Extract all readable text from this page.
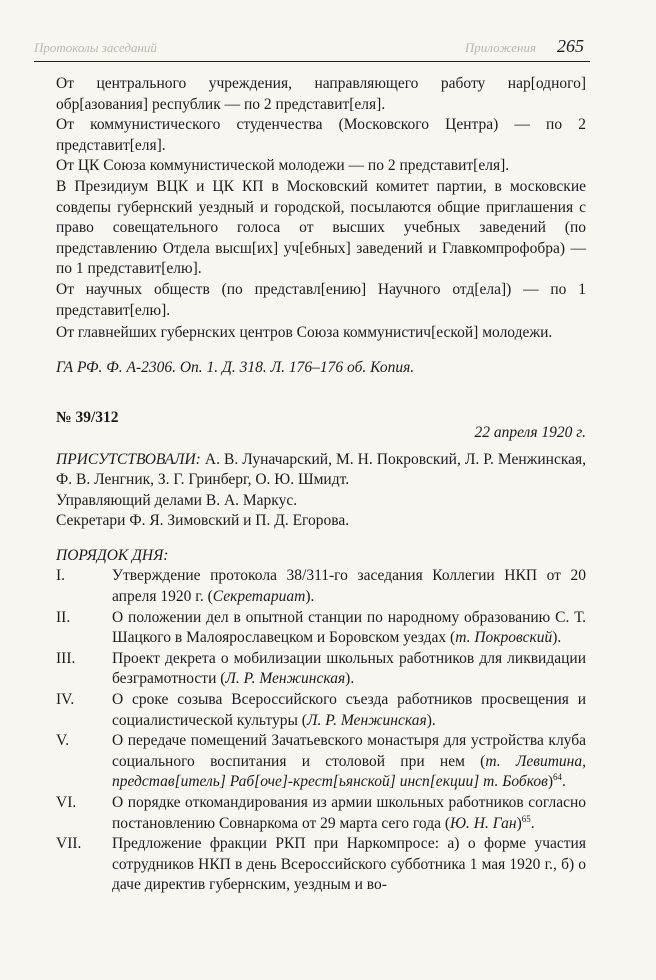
Протоколы заседаний	Приложения 265

От центрального учреждения, направляющего работу нар[одного] обр[азования] республик — по 2 представит[еля].

От коммунистического студенчества (Московского Центра) — по 2 представит[еля].

От ЦК Союза коммунистической молодежи — по 2 представит[еля].

В Президиум ВЦК и ЦК КП в Московский комитет партии, в московские совдепы губернский уездный и городской, посылаются общие приглашения с право совещательного голоса от высших учебных заведений (по представлению Отдела высш[их] уч[ебных] заведений и Главкомпрофобра) — по 1 представит[елю].

От научных обществ (по представл[ению] Научного отд[ела]) — по 1 представит[елю].

От главнейших губернских центров Союза коммунистич[еской] молодежи.

ГА РФ. Ф. А-2306. Оп. 1. Д. 318. Л. 176–176 об. Копия.

№ 39/312

22 апреля 1920 г.

ПРИСУТСТВОВАЛИ: А. В. Луначарский, М. Н. Покровский, Л. Р. Менжинская, Ф. В. Ленгник, З. Г. Гринберг, О. Ю. Шмидт.

Управляющий делами В. А. Маркус.

Секретари Ф. Я. Зимовский и П. Д. Егорова.

ПОРЯДОК ДНЯ:

I.	Утверждение протокола 38/311-го заседания Коллегии НКП от 20 апреля 1920 г. (Секретариат).
II.	О положении дел в опытной станции по народному образованию С. Т. Шацкого в Малоярославецком и Боровском уездах (т. Покровский).
III.	Проект декрета о мобилизации школьных работников для ликвидации безграмотности (Л. Р. Менжинская).
IV.	О сроке созыва Всероссийского съезда работников просвещения и социалистической культуры (Л. Р. Менжинская).
V.	О передаче помещений Зачатьевского монастыря для устройства клуба социального воспитания и столовой при нем (т. Левитина, представ[итель] Раб[оче]-крест[ьянской] инсп[екции] т. Бобков)$^{64}$.
VI.	О порядке откомандирования из армии школьных работников согласно постановлению Совнаркома от 29 марта сего года (Ю. Н. Ган)$^{65}$.
VII.	Предложение фракции РКП при Наркомпросе: а) о форме участия сотрудников НКП в день Всероссийского субботника 1 мая 1920 г., б) о даче директив губернским, уездным и во-
